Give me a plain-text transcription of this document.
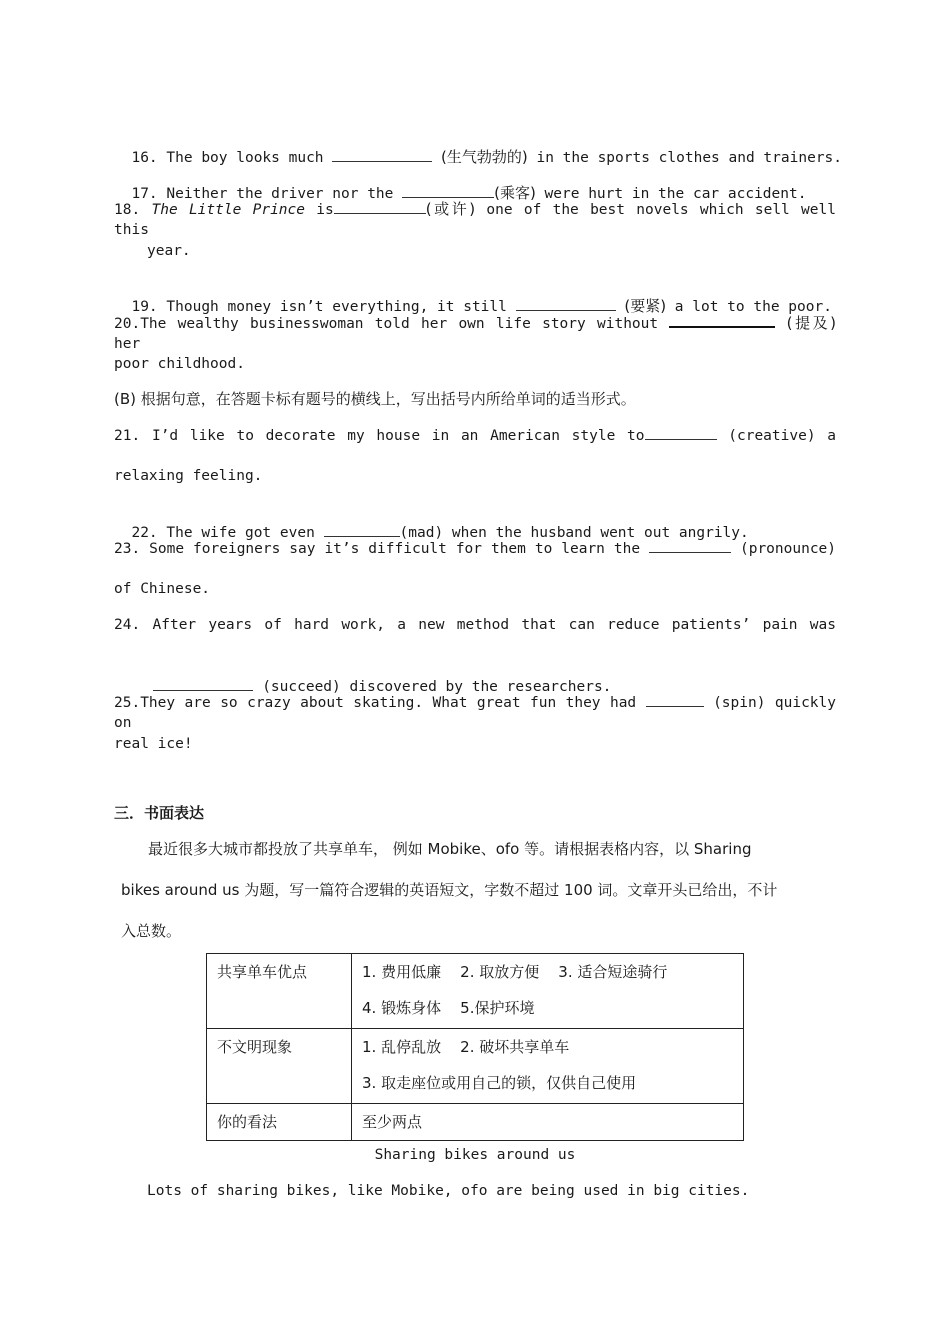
16. The boy looks much	(生气勃勃的) in the sports clothes and trainers.

17. Neither the driver nor the	(乘客) were hurt in the car accident.

18. The Little Prince is	(或许) one of the best novels which sell well this
year.

19. Though money isn’t everything, it still	(要紧) a lot to the poor.

20.The wealthy businesswoman told her own life story without	(提及) her
poor childhood.
(B) 根据句意，在答题卡标有题号的横线上，写出括号内所给单词的适当形式。
21. I’d like to decorate my house in an American style to	(creative) a
relaxing feeling.

22. The wife got even	(mad) when the husband went out angrily.

23. Some foreigners say it’s difficult for them to learn the	(pronounce)
of Chinese.
24. After years of hard work, a new method that can reduce patients’ pain was

(succeed) discovered by the researchers.

25.They are so crazy about skating. What great fun they had	(spin) quickly on
real ice!
三．书面表达
最近很多大城市都投放了共享单车， 例如 Mobike、ofo 等。请根据表格内容，以 Sharing
bikes around us 为题，写一篇符合逻辑的英语短文，字数不超过 100 词。文章开头已给出，不计
入总数。
共享单车优点	1. 费用低廉    2. 取放方便    3. 适合短途骑行
4. 锻炼身体    5.保护环境

不文明现象	1. 乱停乱放    2. 破坏共享单车
3. 取走座位或用自己的锁，仅供自己使用

你的看法	至少两点
Sharing bikes around us
Lots of sharing bikes, like Mobike, ofo are being used in big cities.
